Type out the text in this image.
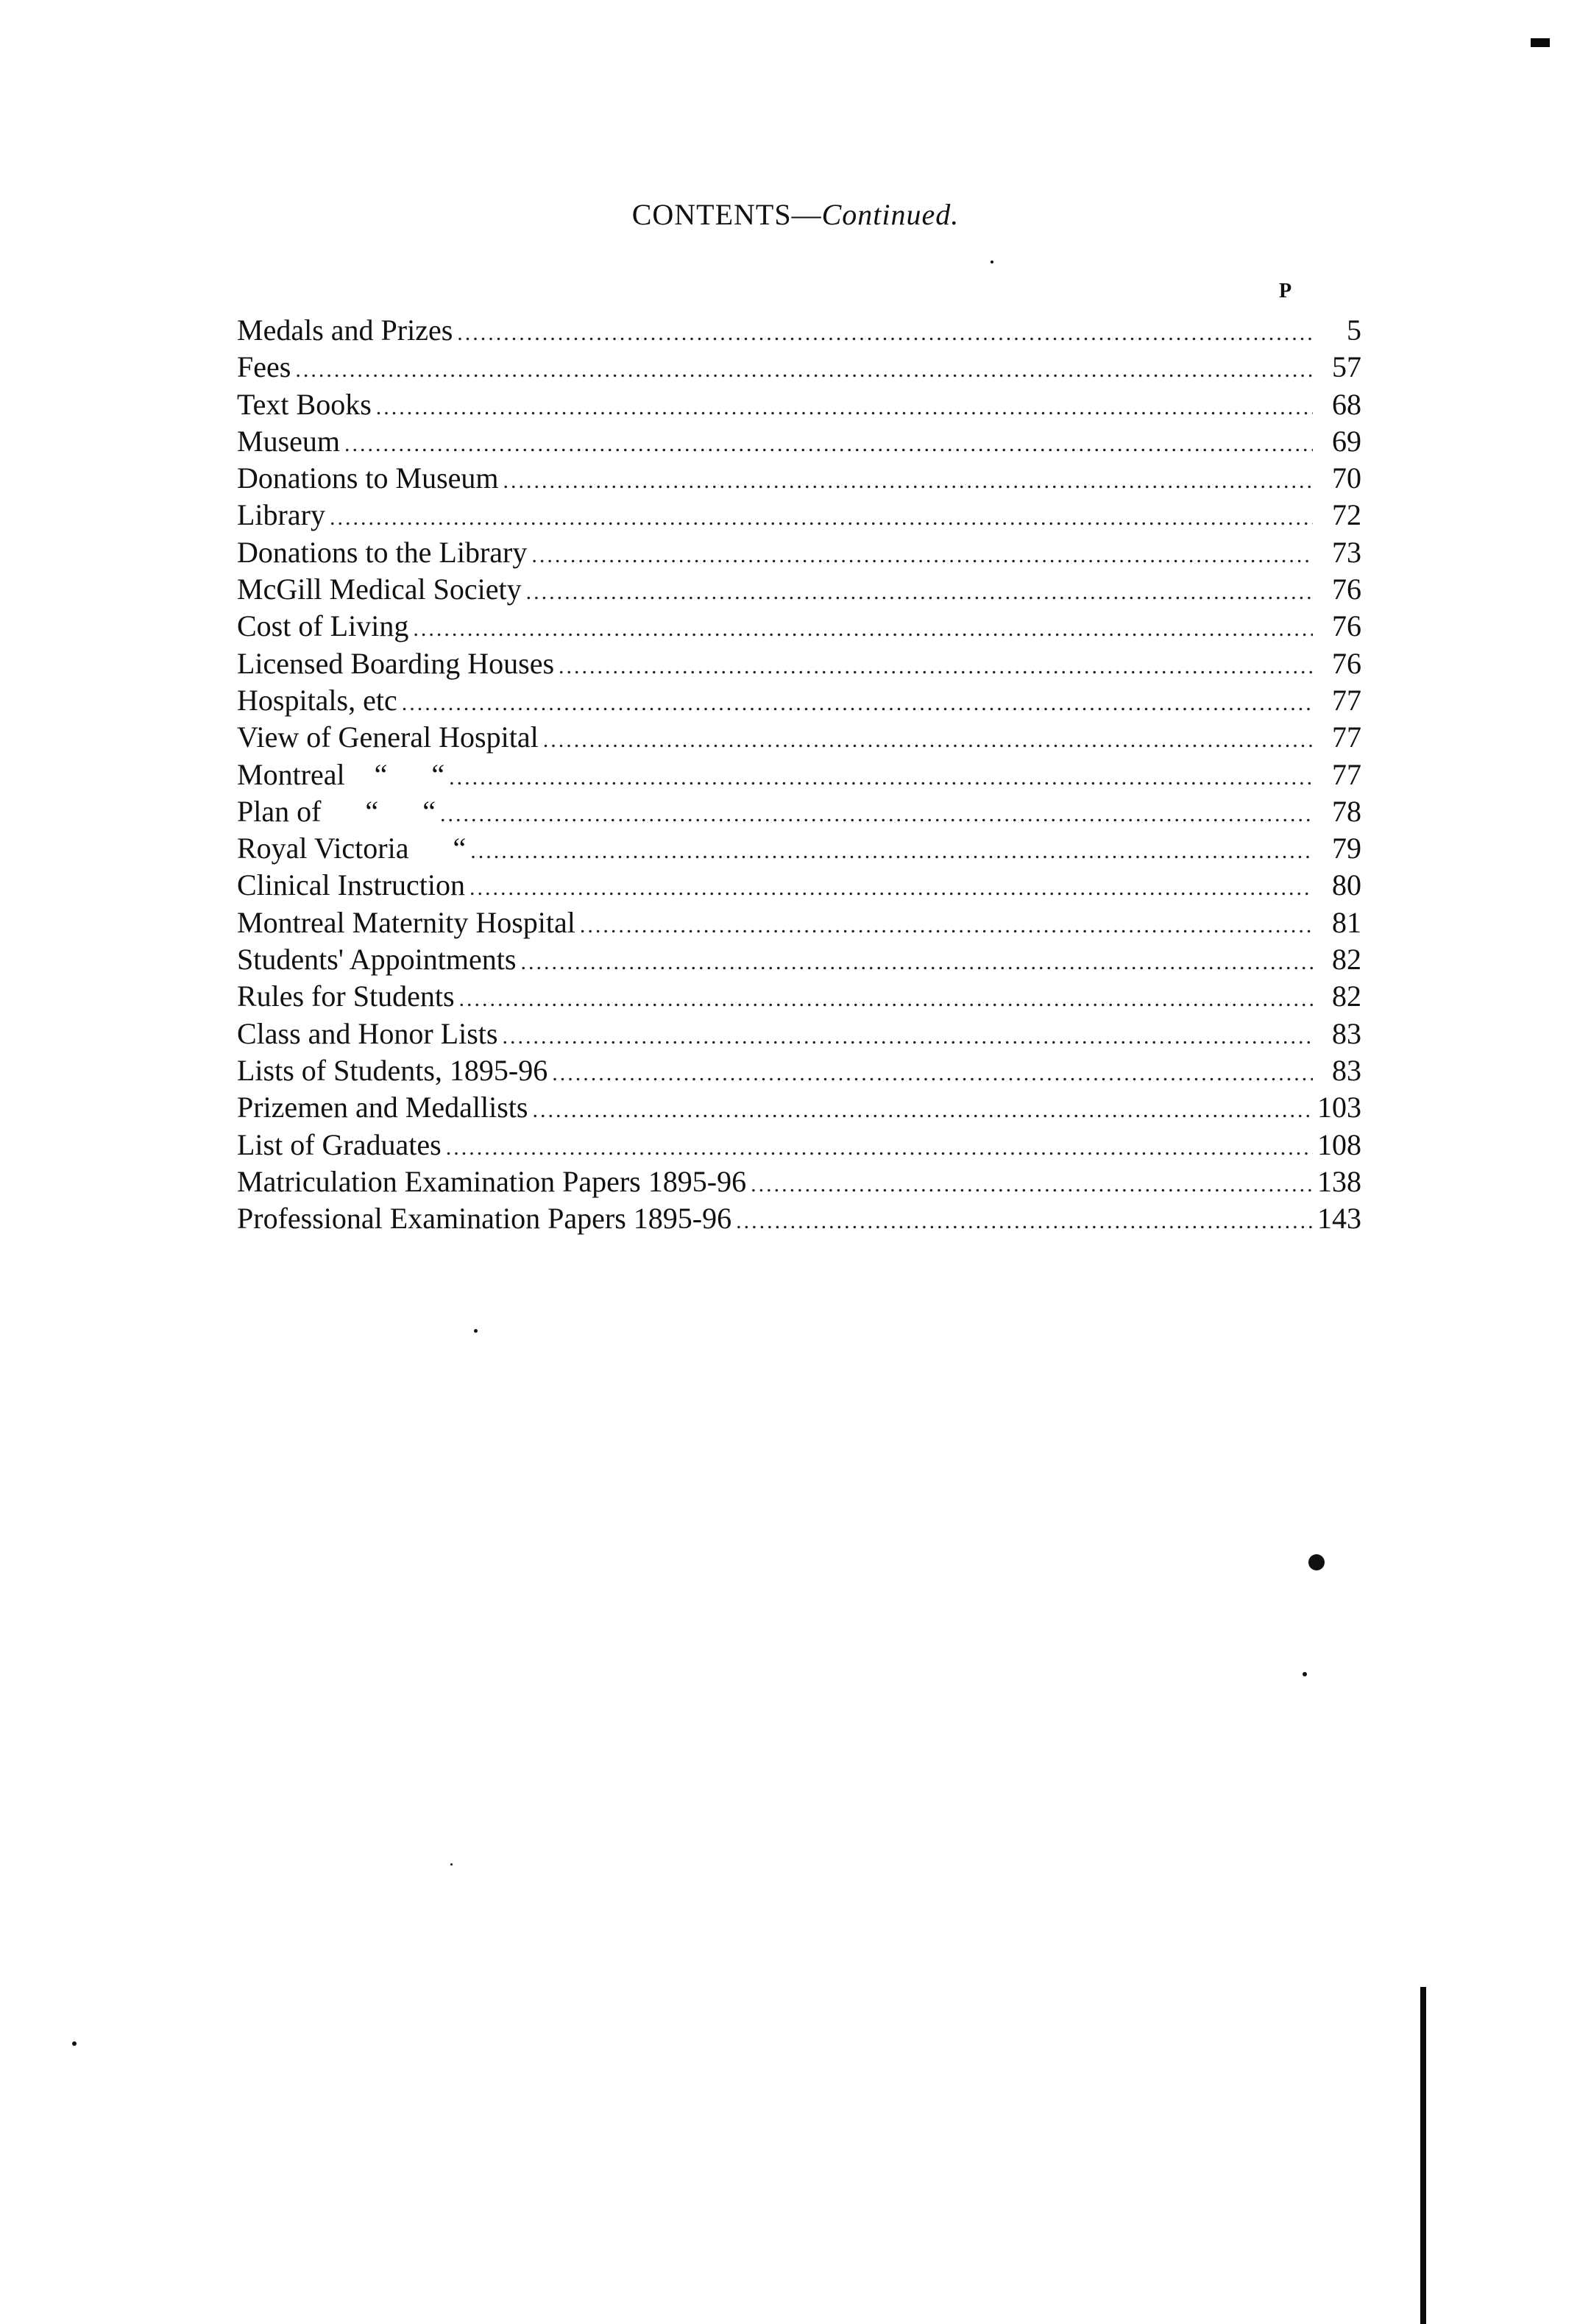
CONTENTS—Continued.
P
Medals and Prizes .....	5
Fees .....	57
Text Books .....	68
Museum .....	69
Donations to Museum .....	70
Library .....	72
Donations to the Library .....	73
McGill Medical Society .....	76
Cost of Living .....	76
Licensed Boarding Houses .....	76
Hospitals, etc .....	77
View of General Hospital .....	77
Montreal    “      “ .....	77
Plan of      “      “ .....	78
Royal Victoria      “ .....	79
Clinical Instruction .....	80
Montreal Maternity Hospital .....	81
Students' Appointments .....	82
Rules for Students .....	82
Class and Honor Lists .....	83
Lists of Students, 1895-96 .....	83
Prizemen and Medallists .....	103
List of Graduates .....	108
Matriculation Examination Papers 1895-96 .....	138
Professional Examination Papers 1895-96 .....	143
